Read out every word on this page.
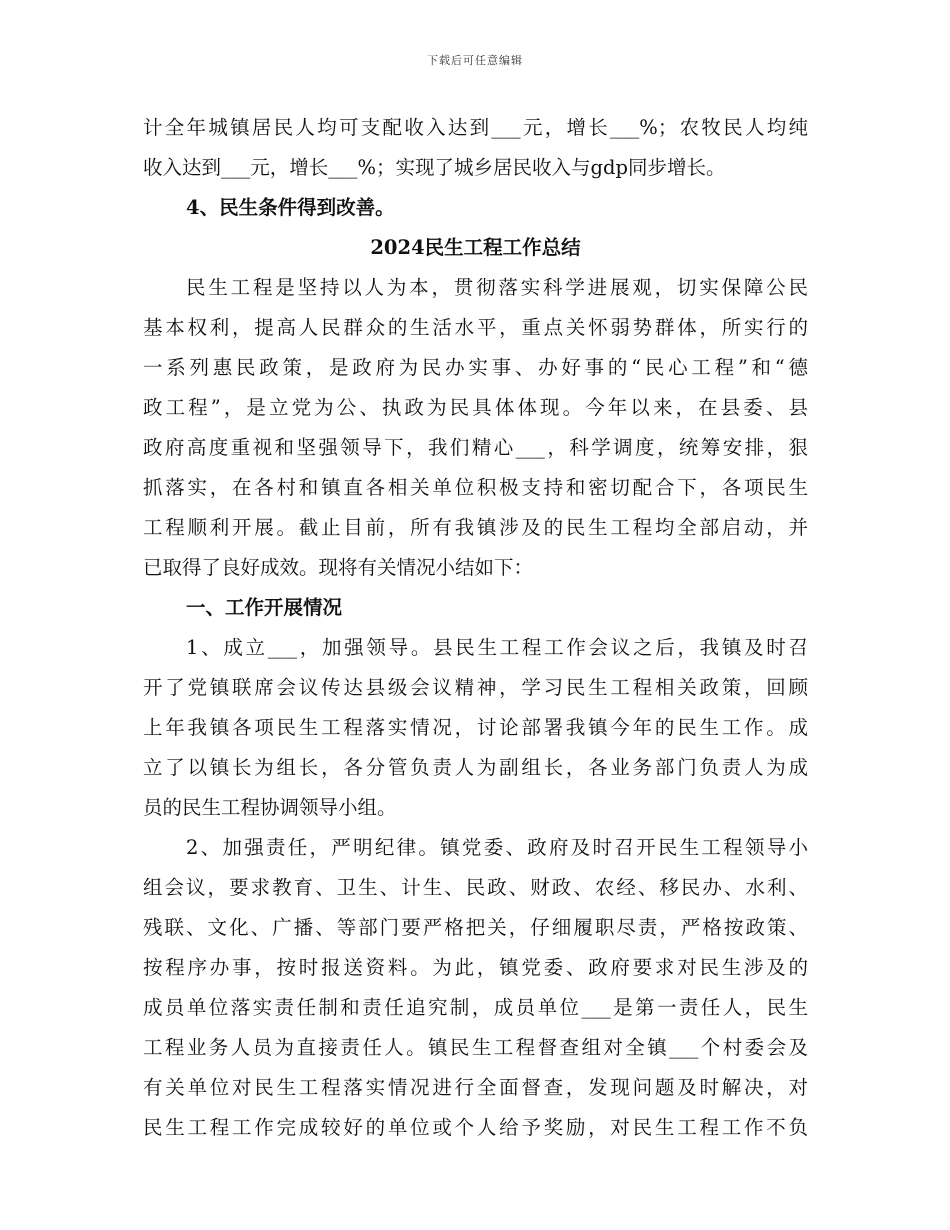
下载后可任意编辑
计全年城镇居民人均可支配收入达到___元，增长___%；农牧民人均纯
收入达到___元，增长___%；实现了城乡居民收入与gdp同步增长。
4、民生条件得到改善。
2024民生工程工作总结
民生工程是坚持以人为本，贯彻落实科学进展观，切实保障公民
基本权利，提高人民群众的生活水平，重点关怀弱势群体，所实行的
一系列惠民政策，是政府为民办实事、办好事的“民心工程”和“德
政工程”，是立党为公、执政为民具体体现。今年以来，在县委、县
政府高度重视和坚强领导下，我们精心___，科学调度，统筹安排，狠
抓落实，在各村和镇直各相关单位积极支持和密切配合下，各项民生
工程顺利开展。截止目前，所有我镇涉及的民生工程均全部启动，并
已取得了良好成效。现将有关情况小结如下：
一、工作开展情况
1、成立___，加强领导。县民生工程工作会议之后，我镇及时召
开了党镇联席会议传达县级会议精神，学习民生工程相关政策，回顾
上年我镇各项民生工程落实情况，讨论部署我镇今年的民生工作。成
立了以镇长为组长，各分管负责人为副组长，各业务部门负责人为成
员的民生工程协调领导小组。
2、加强责任，严明纪律。镇党委、政府及时召开民生工程领导小
组会议，要求教育、卫生、计生、民政、财政、农经、移民办、水利、
残联、文化、广播、等部门要严格把关，仔细履职尽责，严格按政策、
按程序办事，按时报送资料。为此，镇党委、政府要求对民生涉及的
成员单位落实责任制和责任追究制，成员单位___是第一责任人，民生
工程业务人员为直接责任人。镇民生工程督查组对全镇___个村委会及
有关单位对民生工程落实情况进行全面督查，发现问题及时解决，对
民生工程工作完成较好的单位或个人给予奖励，对民生工程工作不负
